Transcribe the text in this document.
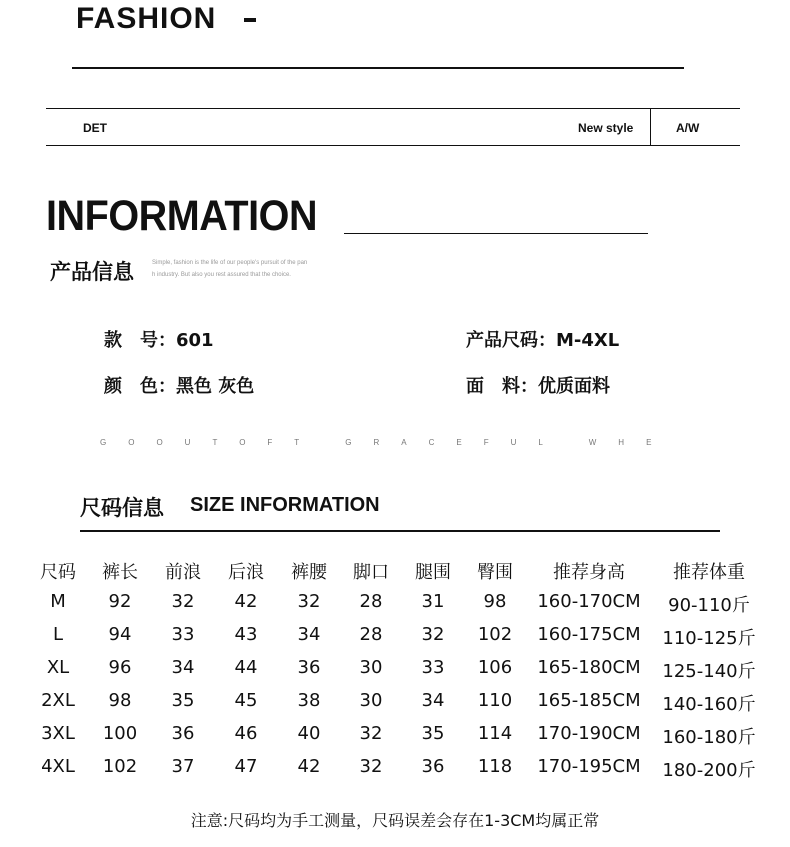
FASHION
DET	New style	A/W
INFORMATION
产品信息	Simple, fashion is the life of our people's pursuit of the pan
h industry. But also you rest assured that the choice.
款　号：601	产品尺码：M-4XL
颜　色：黑色 灰色	面　料：优质面料
GOOUTOFT GRACEFUL WHE
尺码信息 SIZE INFORMATION
尺码 裤长 前浪 后浪 裤腰 脚口 腿围 臀围 推荐身高	推荐体重
M 92 32 42 32 28 31 98 160-170CM 90-110斤
L	94 33 43 34 28 32 102 160-175CM 110-125斤
XL 96 34 44 36 30 33 106 165-180CM 125-140斤
2XL 98 35 45 38 30 34 110 165-185CM 140-160斤
3XL 100 36 46 40 32 35 114 170-190CM 160-180斤
4XL 102 37 47 42 32 36 118 170-195CM 180-200斤
注意:尺码均为手工测量，尺码误差会存在1-3CM均属正常
